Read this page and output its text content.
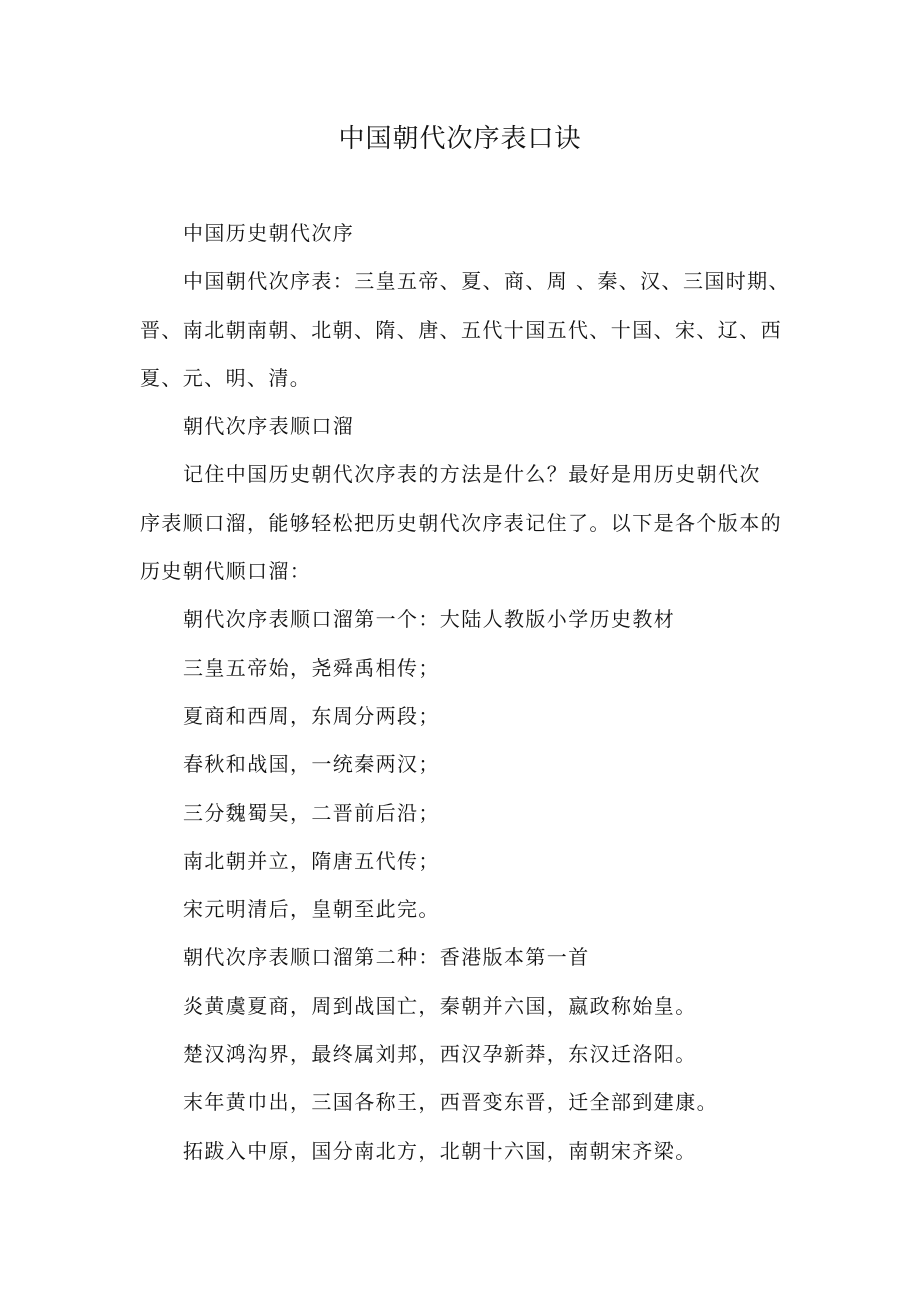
中国朝代次序表口诀
中国历史朝代次序
中国朝代次序表：三皇五帝、夏、商、周 、秦、汉、三国时期、
晋、南北朝南朝、北朝、隋、唐、五代十国五代、十国、宋、辽、西
夏、元、明、清。
朝代次序表顺口溜
记住中国历史朝代次序表的方法是什么？最好是用历史朝代次
序表顺口溜，能够轻松把历史朝代次序表记住了。以下是各个版本的
历史朝代顺口溜：
朝代次序表顺口溜第一个：大陆人教版小学历史教材
三皇五帝始，尧舜禹相传；
夏商和西周，东周分两段；
春秋和战国，一统秦两汉；
三分魏蜀吴，二晋前后沿；
南北朝并立，隋唐五代传；
宋元明清后，皇朝至此完。
朝代次序表顺口溜第二种：香港版本第一首
炎黄虞夏商，周到战国亡，秦朝并六国，嬴政称始皇。
楚汉鸿沟界，最终属刘邦，西汉孕新莽，东汉迁洛阳。
末年黄巾出，三国各称王，西晋变东晋，迁全部到建康。
拓跋入中原，国分南北方，北朝十六国，南朝宋齐梁。
